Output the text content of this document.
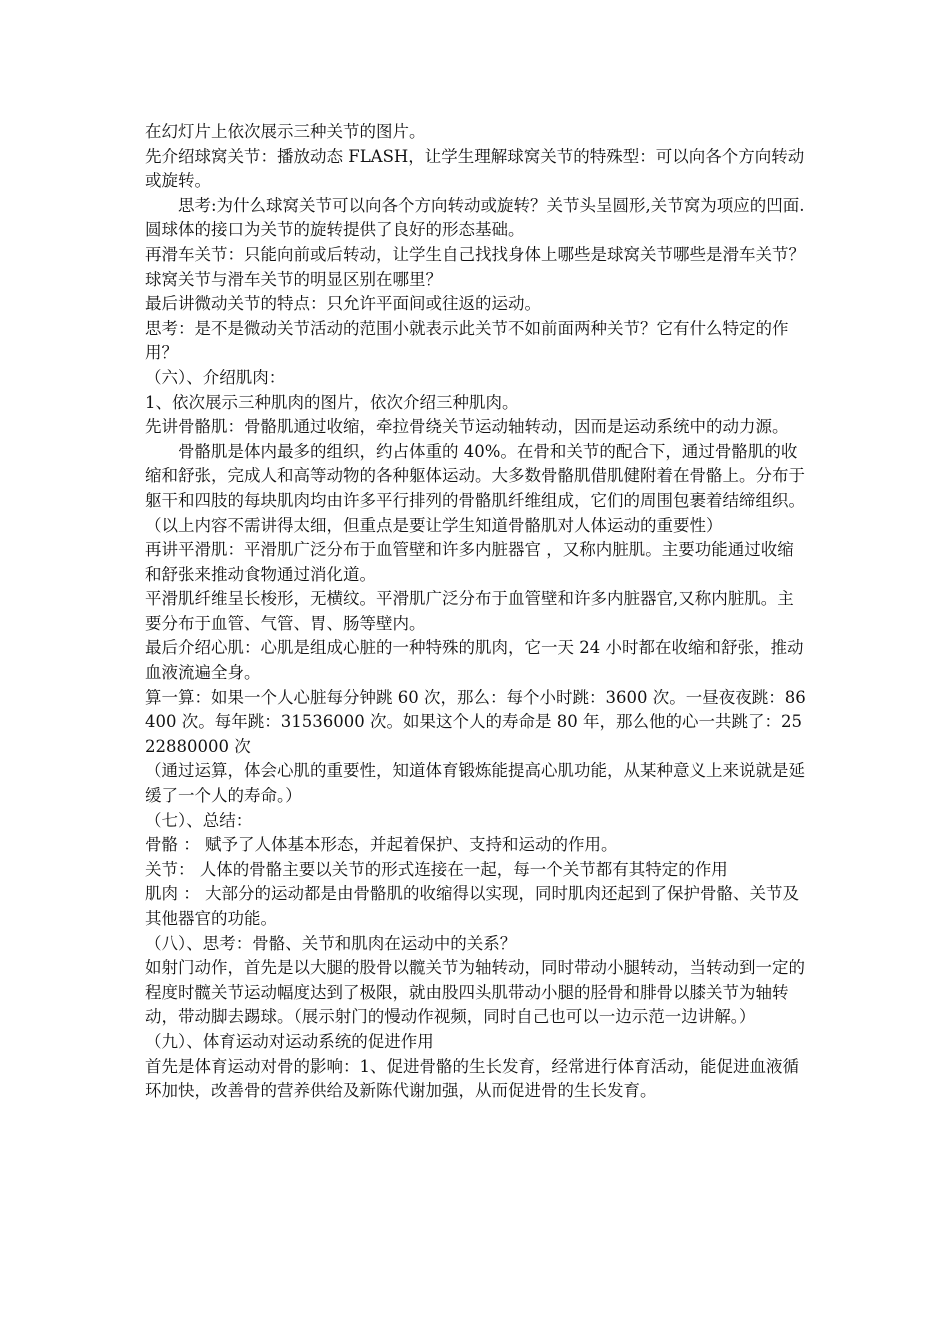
在幻灯片上依次展示三种关节的图片。

先介绍球窝关节：播放动态 FLASH，让学生理解球窝关节的特殊型：可以向各个方向转动或旋转。

思考:为什么球窝关节可以向各个方向转动或旋转？关节头呈圆形,关节窝为项应的凹面.圆球体的接口为关节的旋转提供了良好的形态基础。

再滑车关节：只能向前或后转动，让学生自己找找身体上哪些是球窝关节哪些是滑车关节？球窝关节与滑车关节的明显区别在哪里？

最后讲微动关节的特点：只允许平面间或往返的运动。

思考：是不是微动关节活动的范围小就表示此关节不如前面两种关节？它有什么特定的作用？

（六）、介绍肌肉：

1、依次展示三种肌肉的图片，依次介绍三种肌肉。

先讲骨骼肌：骨骼肌通过收缩，牵拉骨绕关节运动轴转动，因而是运动系统中的动力源。

骨骼肌是体内最多的组织，约占体重的 40%。在骨和关节的配合下，通过骨骼肌的收缩和舒张，完成人和高等动物的各种躯体运动。大多数骨骼肌借肌健附着在骨骼上。分布于躯干和四肢的每块肌肉均由许多平行排列的骨骼肌纤维组成，它们的周围包裹着结缔组织。

（以上内容不需讲得太细，但重点是要让学生知道骨骼肌对人体运动的重要性）

再讲平滑肌：平滑肌广泛分布于血管壁和许多内脏器官 ，又称内脏肌。主要功能通过收缩和舒张来推动食物通过消化道。

平滑肌纤维呈长梭形，无横纹。平滑肌广泛分布于血管壁和许多内脏器官,又称内脏肌。主要分布于血管、气管、胃、肠等壁内。

最后介绍心肌：心肌是组成心脏的一种特殊的肌肉，它一天 24 小时都在收缩和舒张，推动血液流遍全身。

算一算：如果一个人心脏每分钟跳 60 次，那么：每个小时跳：3600 次。一昼夜夜跳：86400 次。每年跳：31536000 次。如果这个人的寿命是 80 年，那么他的心一共跳了：2522880000 次

（通过运算，体会心肌的重要性，知道体育锻炼能提高心肌功能，从某种意义上来说就是延缓了一个人的寿命。）

（七）、总结：

骨骼 ： 赋予了人体基本形态，并起着保护、支持和运动的作用。

关节： 人体的骨骼主要以关节的形式连接在一起，每一个关节都有其特定的作用

肌肉 ： 大部分的运动都是由骨骼肌的收缩得以实现，同时肌肉还起到了保护骨骼、关节及其他器官的功能。

（八）、思考：骨骼、关节和肌肉在运动中的关系？

如射门动作，首先是以大腿的股骨以髋关节为轴转动，同时带动小腿转动，当转动到一定的程度时髋关节运动幅度达到了极限，就由股四头肌带动小腿的胫骨和腓骨以膝关节为轴转动，带动脚去踢球。（展示射门的慢动作视频，同时自己也可以一边示范一边讲解。）

（九）、体育运动对运动系统的促进作用

首先是体育运动对骨的影响：1、促进骨骼的生长发育，经常进行体育活动，能促进血液循环加快，改善骨的营养供给及新陈代谢加强，从而促进骨的生长发育。
